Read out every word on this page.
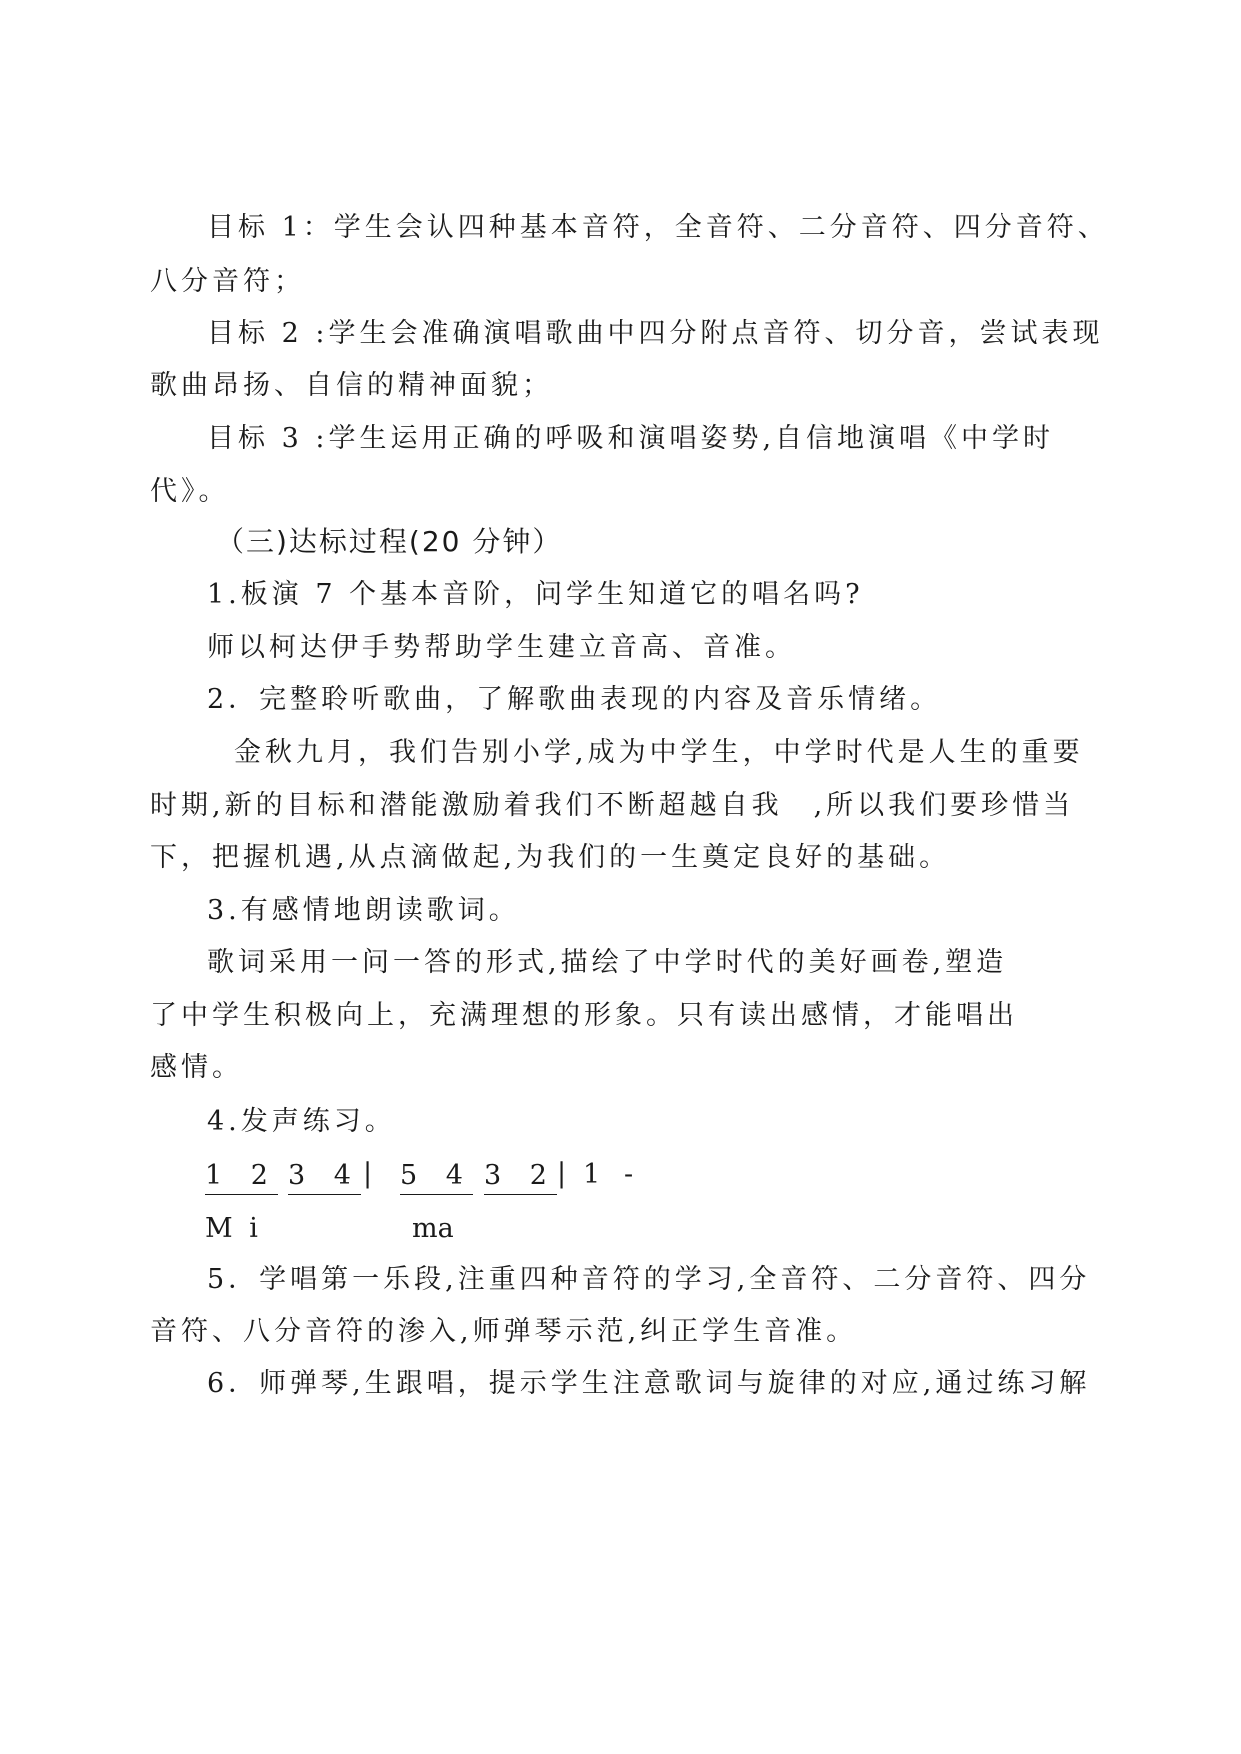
目标 1：学生会认四种基本音符，全音符、二分音符、四分音符、
八分音符；
目标 2 :学生会准确演唱歌曲中四分附点音符、切分音，尝试表现
歌曲昂扬、自信的精神面貌；
目标 3 :学生运用正确的呼吸和演唱姿势,自信地演唱《中学时
代》。
（三)达标过程(20 分钟）
1.板演 7 个基本音阶，问学生知道它的唱名吗?
师以柯达伊手势帮助学生建立音高、音准。
2．完整聆听歌曲，了解歌曲表现的内容及音乐情绪。
金秋九月，我们告别小学,成为中学生，中学时代是人生的重要
时期,新的目标和潜能激励着我们不断超越自我　,所以我们要珍惜当
下，把握机遇,从点滴做起,为我们的一生奠定良好的基础。
3.有感情地朗读歌词。
歌词采用一问一答的形式,描绘了中学时代的美好画卷,塑造
了中学生积极向上，充满理想的形象。只有读出感情，才能唱出
感情。
4.发声练习。
1 2 3 4 | 5 4 3 2 | 1 -
M i	ma
5．学唱第一乐段,注重四种音符的学习,全音符、二分音符、四分
音符、八分音符的渗入,师弹琴示范,纠正学生音准。
6．师弹琴,生跟唱，提示学生注意歌词与旋律的对应,通过练习解
